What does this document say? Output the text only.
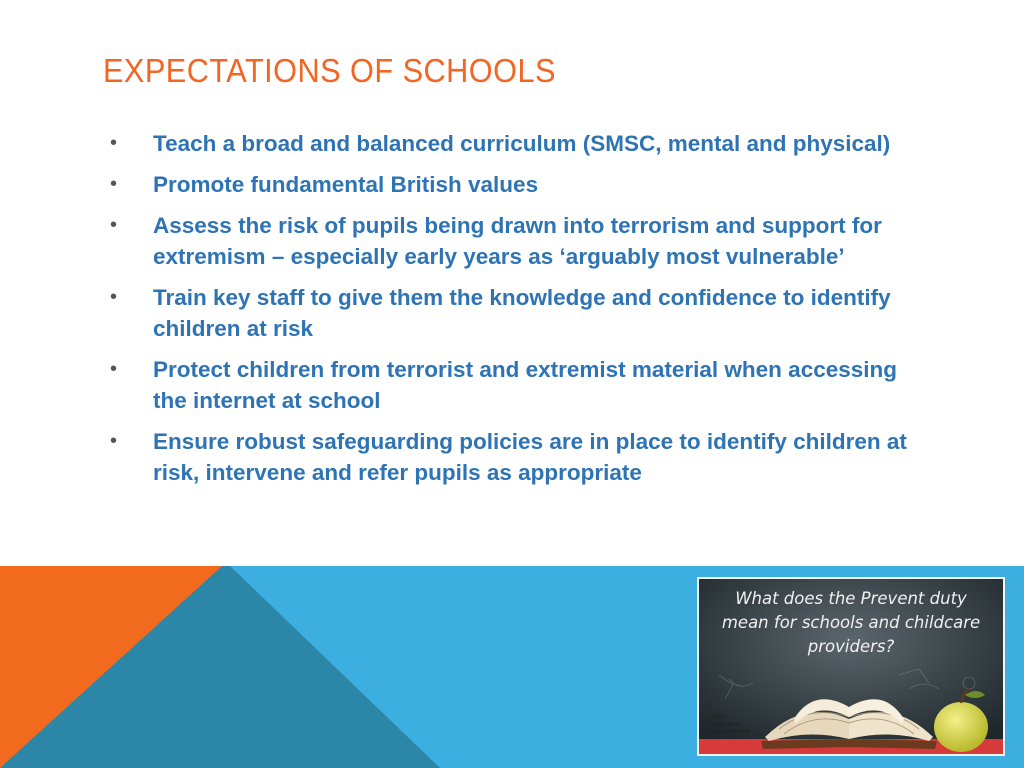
EXPECTATIONS OF SCHOOLS
• Teach a broad and balanced curriculum (SMSC, mental and physical)
• Promote fundamental British values
• Assess the risk of pupils being drawn into terrorism and support for extremism – especially early years as ‘arguably most vulnerable’
• Train key staff to give them the knowledge and confidence to identify children at risk
• Protect children from terrorist and extremist material when accessing the internet at school
• Ensure robust safeguarding policies are in place to identify children at risk, intervene and refer pupils as appropriate
What does the Prevent duty
mean for schools and childcare
providers?
Child
Protection
Company.com
